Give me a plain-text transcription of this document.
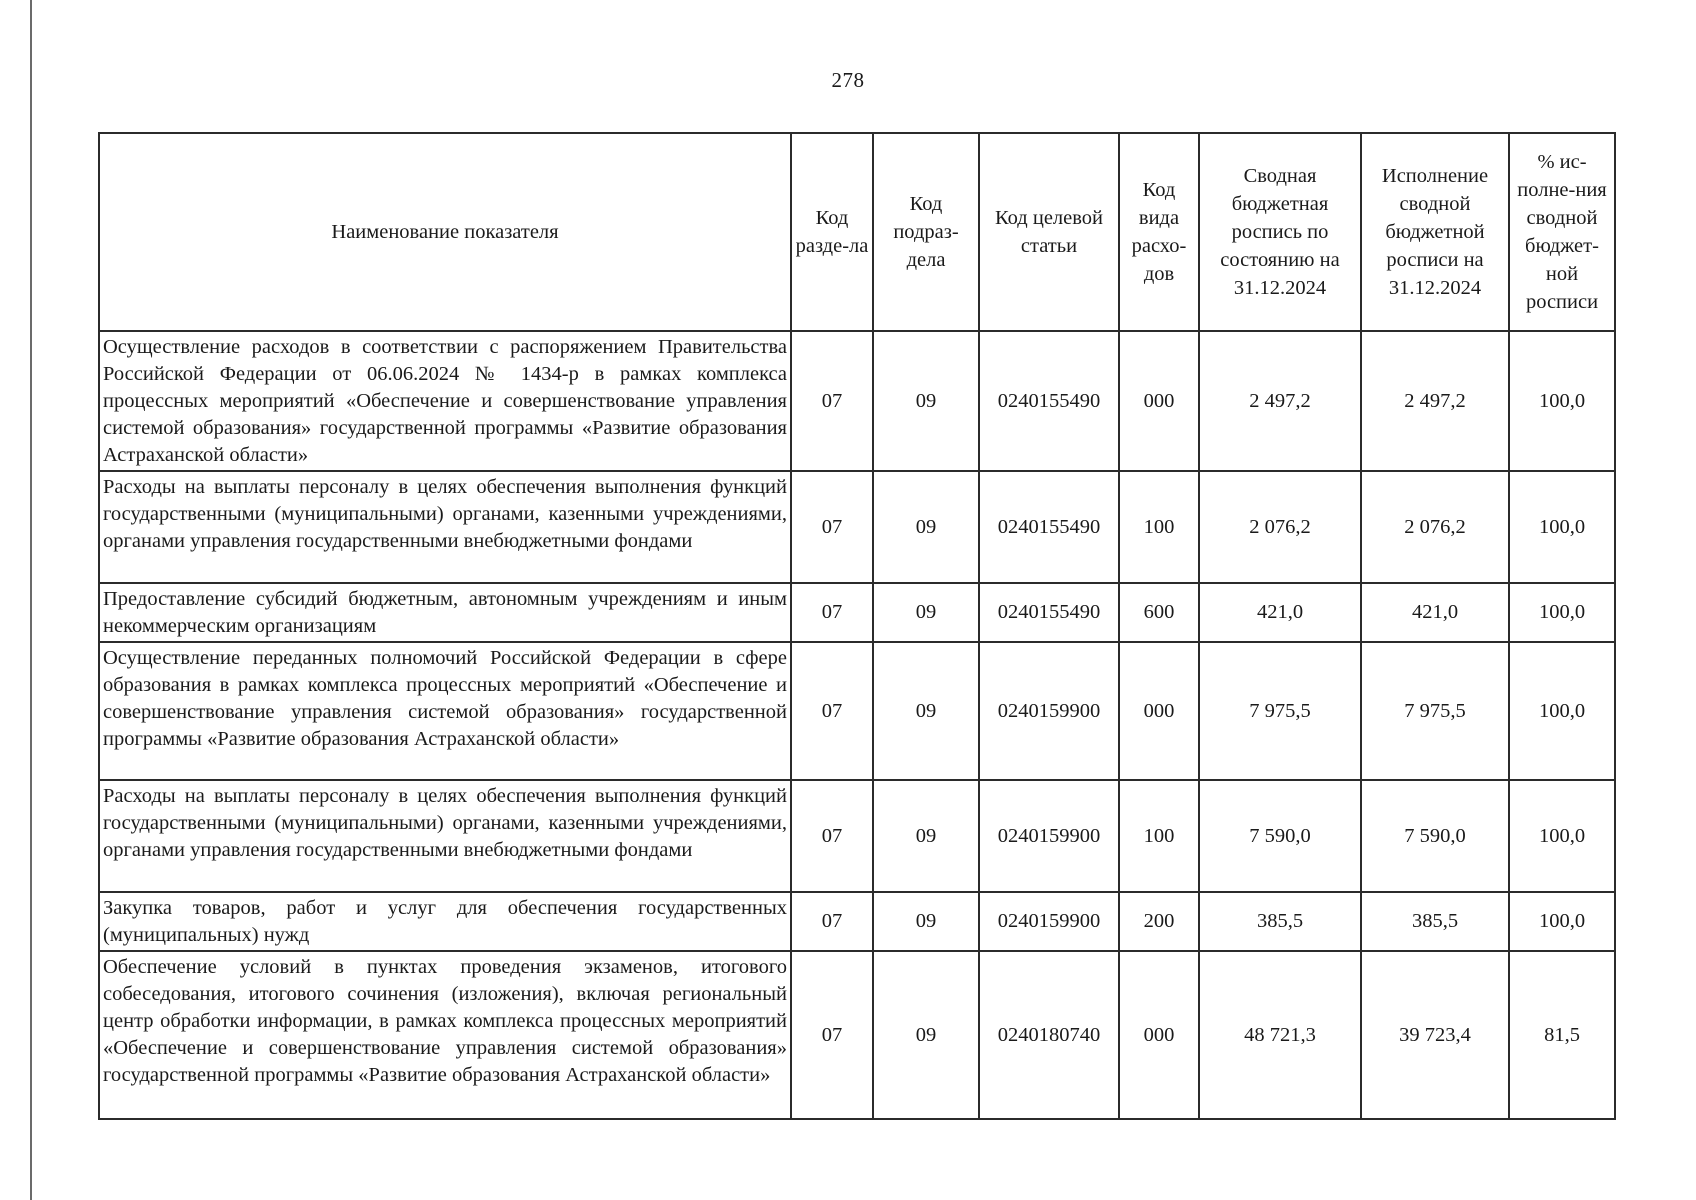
278
Наименование показателя	Код разде-ла	Код подраз-дела	Код целевой статьи	Код вида расхо-дов	Сводная бюджетная роспись по состоянию на 31.12.2024	Исполнение сводной бюджетной росписи на 31.12.2024	% ис-полне-ния сводной бюджет-ной росписи
Осуществление расходов в соответствии с распоряжением Правительства Российской Федерации от 06.06.2024 № 1434-р в рамках комплекса процессных мероприятий «Обеспечение и совершенствование управления системой образования» государственной программы «Развитие образования Астраханской области»	07	09	0240155490	000	2 497,2	2 497,2	100,0
Расходы на выплаты персоналу в целях обеспечения выполнения функций государственными (муниципальными) органами, казенными учреждениями, органами управления государственными внебюджетными фондами	07	09	0240155490	100	2 076,2	2 076,2	100,0
Предоставление субсидий бюджетным, автономным учреждениям и иным некоммерческим организациям	07	09	0240155490	600	421,0	421,0	100,0
Осуществление переданных полномочий Российской Федерации в сфере образования в рамках комплекса процессных мероприятий «Обеспечение и совершенствование управления системой образования» государственной программы «Развитие образования Астраханской области»	07	09	0240159900	000	7 975,5	7 975,5	100,0
Расходы на выплаты персоналу в целях обеспечения выполнения функций государственными (муниципальными) органами, казенными учреждениями, органами управления государственными внебюджетными фондами	07	09	0240159900	100	7 590,0	7 590,0	100,0
Закупка товаров, работ и услуг для обеспечения государственных (муниципальных) нужд	07	09	0240159900	200	385,5	385,5	100,0
Обеспечение условий в пунктах проведения экзаменов, итогового собеседования, итогового сочинения (изложения), включая региональный центр обработки информации, в рамках комплекса процессных мероприятий «Обеспечение и совершенствование управления системой образования» государственной программы «Развитие образования Астраханской области»	07	09	0240180740	000	48 721,3	39 723,4	81,5
